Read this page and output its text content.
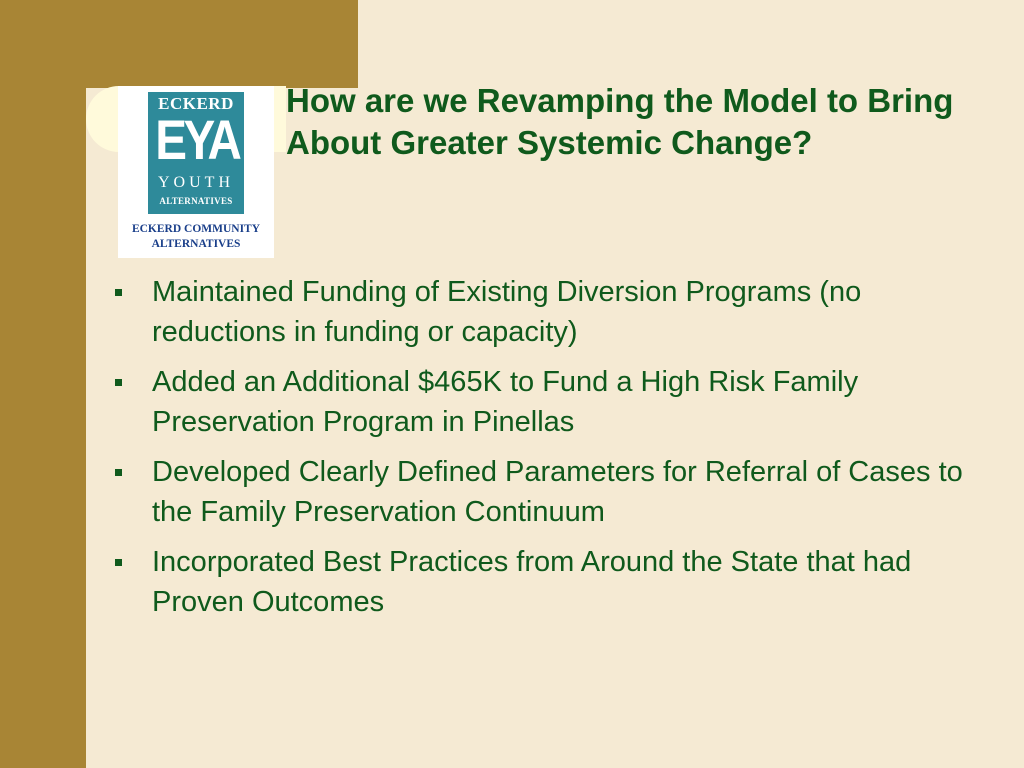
ECKERD
EYA
YOUTH
ALTERNATIVES
ECKERD COMMUNITY
ALTERNATIVES
How are we Revamping the Model to Bring About Greater Systemic Change?
Maintained Funding of Existing Diversion Programs (no reductions in funding or capacity)
Added an Additional $465K to Fund a High Risk Family Preservation Program in Pinellas
Developed Clearly Defined Parameters for Referral of Cases to the Family Preservation Continuum
Incorporated Best Practices from Around the State that had Proven Outcomes
